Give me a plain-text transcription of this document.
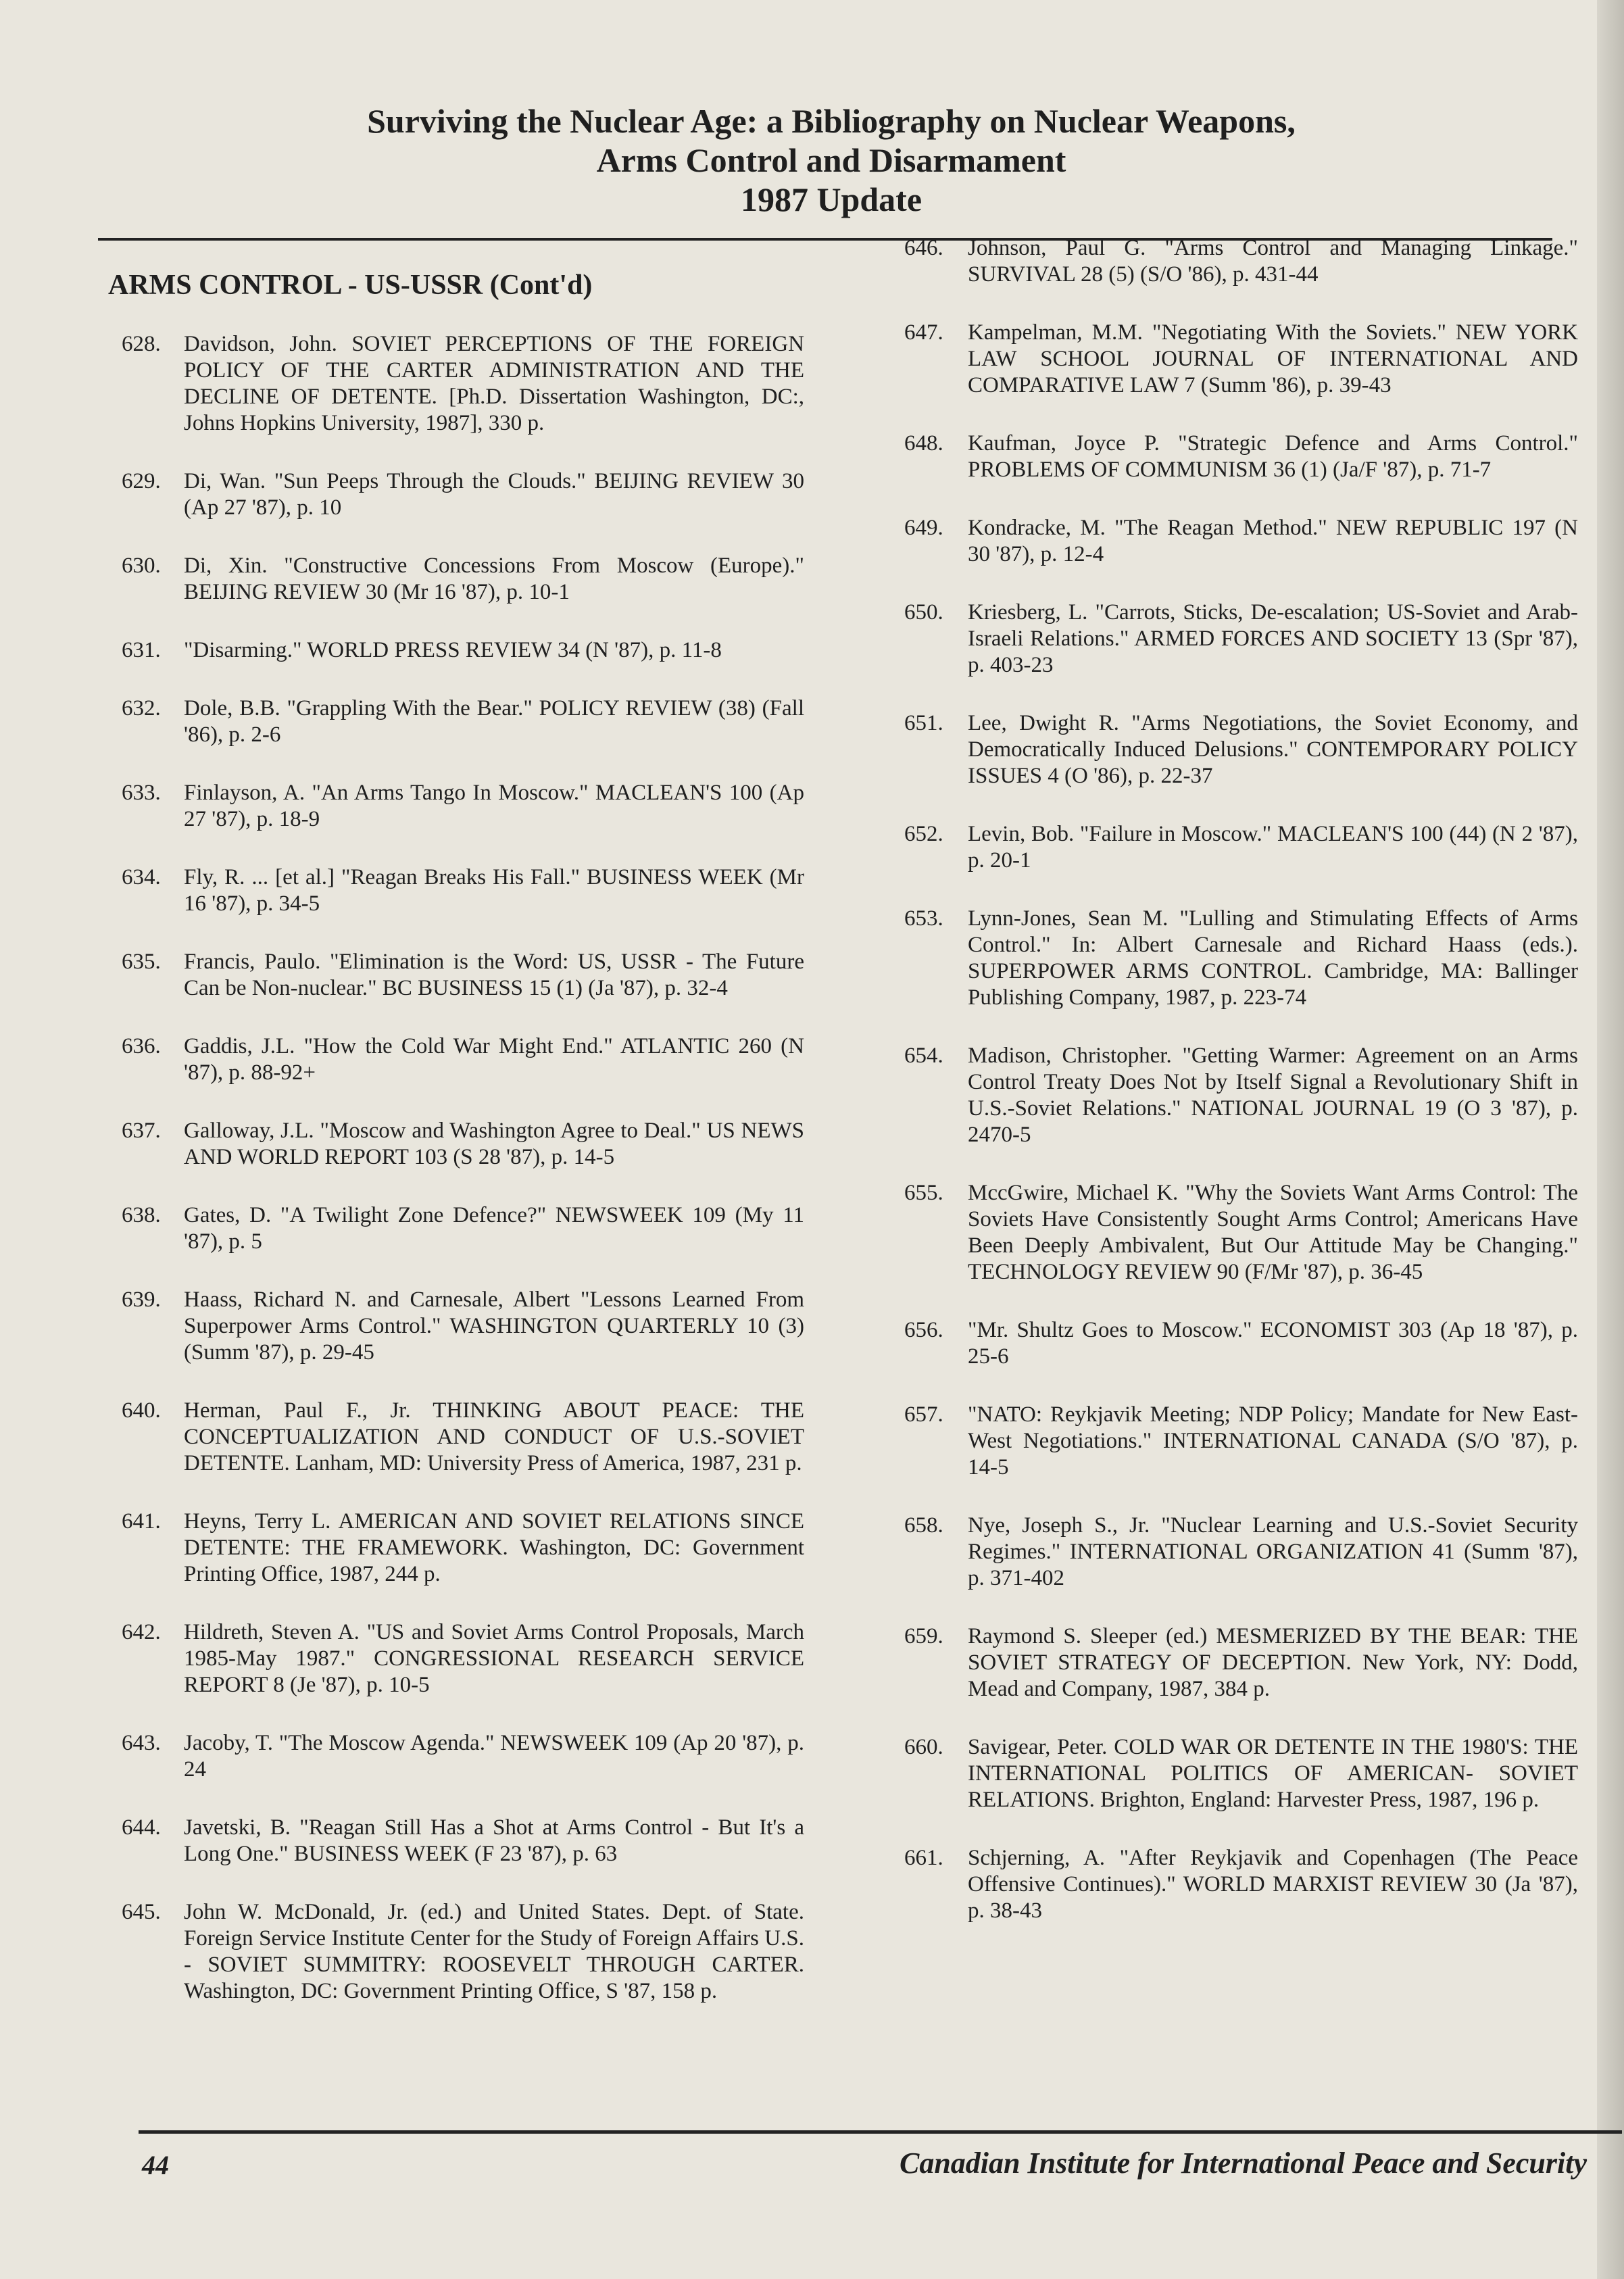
Surviving the Nuclear Age: a Bibliography on Nuclear Weapons,
Arms Control and Disarmament
1987 Update
ARMS CONTROL - US-USSR (Cont'd)
628. Davidson, John. SOVIET PERCEPTIONS OF THE FOREIGN POLICY OF THE CARTER ADMINISTRATION AND THE DECLINE OF DETENTE. [Ph.D. Dissertation Washington, DC:, Johns Hopkins University, 1987], 330 p.
629. Di, Wan. "Sun Peeps Through the Clouds." BEIJING REVIEW 30 (Ap 27 '87), p. 10
630. Di, Xin. "Constructive Concessions From Moscow (Europe)." BEIJING REVIEW 30 (Mr 16 '87), p. 10-1
631. "Disarming." WORLD PRESS REVIEW 34 (N '87), p. 11-8
632. Dole, B.B. "Grappling With the Bear." POLICY REVIEW (38) (Fall '86), p. 2-6
633. Finlayson, A. "An Arms Tango In Moscow." MACLEAN'S 100 (Ap 27 '87), p. 18-9
634. Fly, R. ... [et al.] "Reagan Breaks His Fall." BUSINESS WEEK (Mr 16 '87), p. 34-5
635. Francis, Paulo. "Elimination is the Word: US, USSR - The Future Can be Non-nuclear." BC BUSINESS 15 (1) (Ja '87), p. 32-4
636. Gaddis, J.L. "How the Cold War Might End." ATLANTIC 260 (N '87), p. 88-92+
637. Galloway, J.L. "Moscow and Washington Agree to Deal." US NEWS AND WORLD REPORT 103 (S 28 '87), p. 14-5
638. Gates, D. "A Twilight Zone Defence?" NEWSWEEK 109 (My 11 '87), p. 5
639. Haass, Richard N. and Carnesale, Albert "Lessons Learned From Superpower Arms Control." WASHINGTON QUARTERLY 10 (3) (Summ '87), p. 29-45
640. Herman, Paul F., Jr. THINKING ABOUT PEACE: THE CONCEPTUALIZATION AND CONDUCT OF U.S.-SOVIET DETENTE. Lanham, MD: University Press of America, 1987, 231 p.
641. Heyns, Terry L. AMERICAN AND SOVIET RELATIONS SINCE DETENTE: THE FRAMEWORK. Washington, DC: Government Printing Office, 1987, 244 p.
642. Hildreth, Steven A. "US and Soviet Arms Control Proposals, March 1985-May 1987." CONGRESSIONAL RESEARCH SERVICE REPORT 8 (Je '87), p. 10-5
643. Jacoby, T. "The Moscow Agenda." NEWSWEEK 109 (Ap 20 '87), p. 24
644. Javetski, B. "Reagan Still Has a Shot at Arms Control - But It's a Long One." BUSINESS WEEK (F 23 '87), p. 63
645. John W. McDonald, Jr. (ed.) and United States. Dept. of State. Foreign Service Institute Center for the Study of Foreign Affairs U.S. - SOVIET SUMMITRY: ROOSEVELT THROUGH CARTER. Washington, DC: Government Printing Office, S '87, 158 p.
646. Johnson, Paul G. "Arms Control and Managing Linkage." SURVIVAL 28 (5) (S/O '86), p. 431-44
647. Kampelman, M.M. "Negotiating With the Soviets." NEW YORK LAW SCHOOL JOURNAL OF INTERNATIONAL AND COMPARATIVE LAW 7 (Summ '86), p. 39-43
648. Kaufman, Joyce P. "Strategic Defence and Arms Control." PROBLEMS OF COMMUNISM 36 (1) (Ja/F '87), p. 71-7
649. Kondracke, M. "The Reagan Method." NEW REPUBLIC 197 (N 30 '87), p. 12-4
650. Kriesberg, L. "Carrots, Sticks, De-escalation; US-Soviet and Arab-Israeli Relations." ARMED FORCES AND SOCIETY 13 (Spr '87), p. 403-23
651. Lee, Dwight R. "Arms Negotiations, the Soviet Economy, and Democratically Induced Delusions." CONTEMPORARY POLICY ISSUES 4 (O '86), p. 22-37
652. Levin, Bob. "Failure in Moscow." MACLEAN'S 100 (44) (N 2 '87), p. 20-1
653. Lynn-Jones, Sean M. "Lulling and Stimulating Effects of Arms Control." In: Albert Carnesale and Richard Haass (eds.). SUPERPOWER ARMS CONTROL. Cambridge, MA: Ballinger Publishing Company, 1987, p. 223-74
654. Madison, Christopher. "Getting Warmer: Agreement on an Arms Control Treaty Does Not by Itself Signal a Revolutionary Shift in U.S.-Soviet Relations." NATIONAL JOURNAL 19 (O 3 '87), p. 2470-5
655. MccGwire, Michael K. "Why the Soviets Want Arms Control: The Soviets Have Consistently Sought Arms Control; Americans Have Been Deeply Ambivalent, But Our Attitude May be Changing." TECHNOLOGY REVIEW 90 (F/Mr '87), p. 36-45
656. "Mr. Shultz Goes to Moscow." ECONOMIST 303 (Ap 18 '87), p. 25-6
657. "NATO: Reykjavik Meeting; NDP Policy; Mandate for New East-West Negotiations." INTERNATIONAL CANADA (S/O '87), p. 14-5
658. Nye, Joseph S., Jr. "Nuclear Learning and U.S.-Soviet Security Regimes." INTERNATIONAL ORGANIZATION 41 (Summ '87), p. 371-402
659. Raymond S. Sleeper (ed.) MESMERIZED BY THE BEAR: THE SOVIET STRATEGY OF DECEPTION. New York, NY: Dodd, Mead and Company, 1987, 384 p.
660. Savigear, Peter. COLD WAR OR DETENTE IN THE 1980'S: THE INTERNATIONAL POLITICS OF AMERICAN- SOVIET RELATIONS. Brighton, England: Harvester Press, 1987, 196 p.
661. Schjerning, A. "After Reykjavik and Copenhagen (The Peace Offensive Continues)." WORLD MARXIST REVIEW 30 (Ja '87), p. 38-43
44	Canadian Institute for International Peace and Security
